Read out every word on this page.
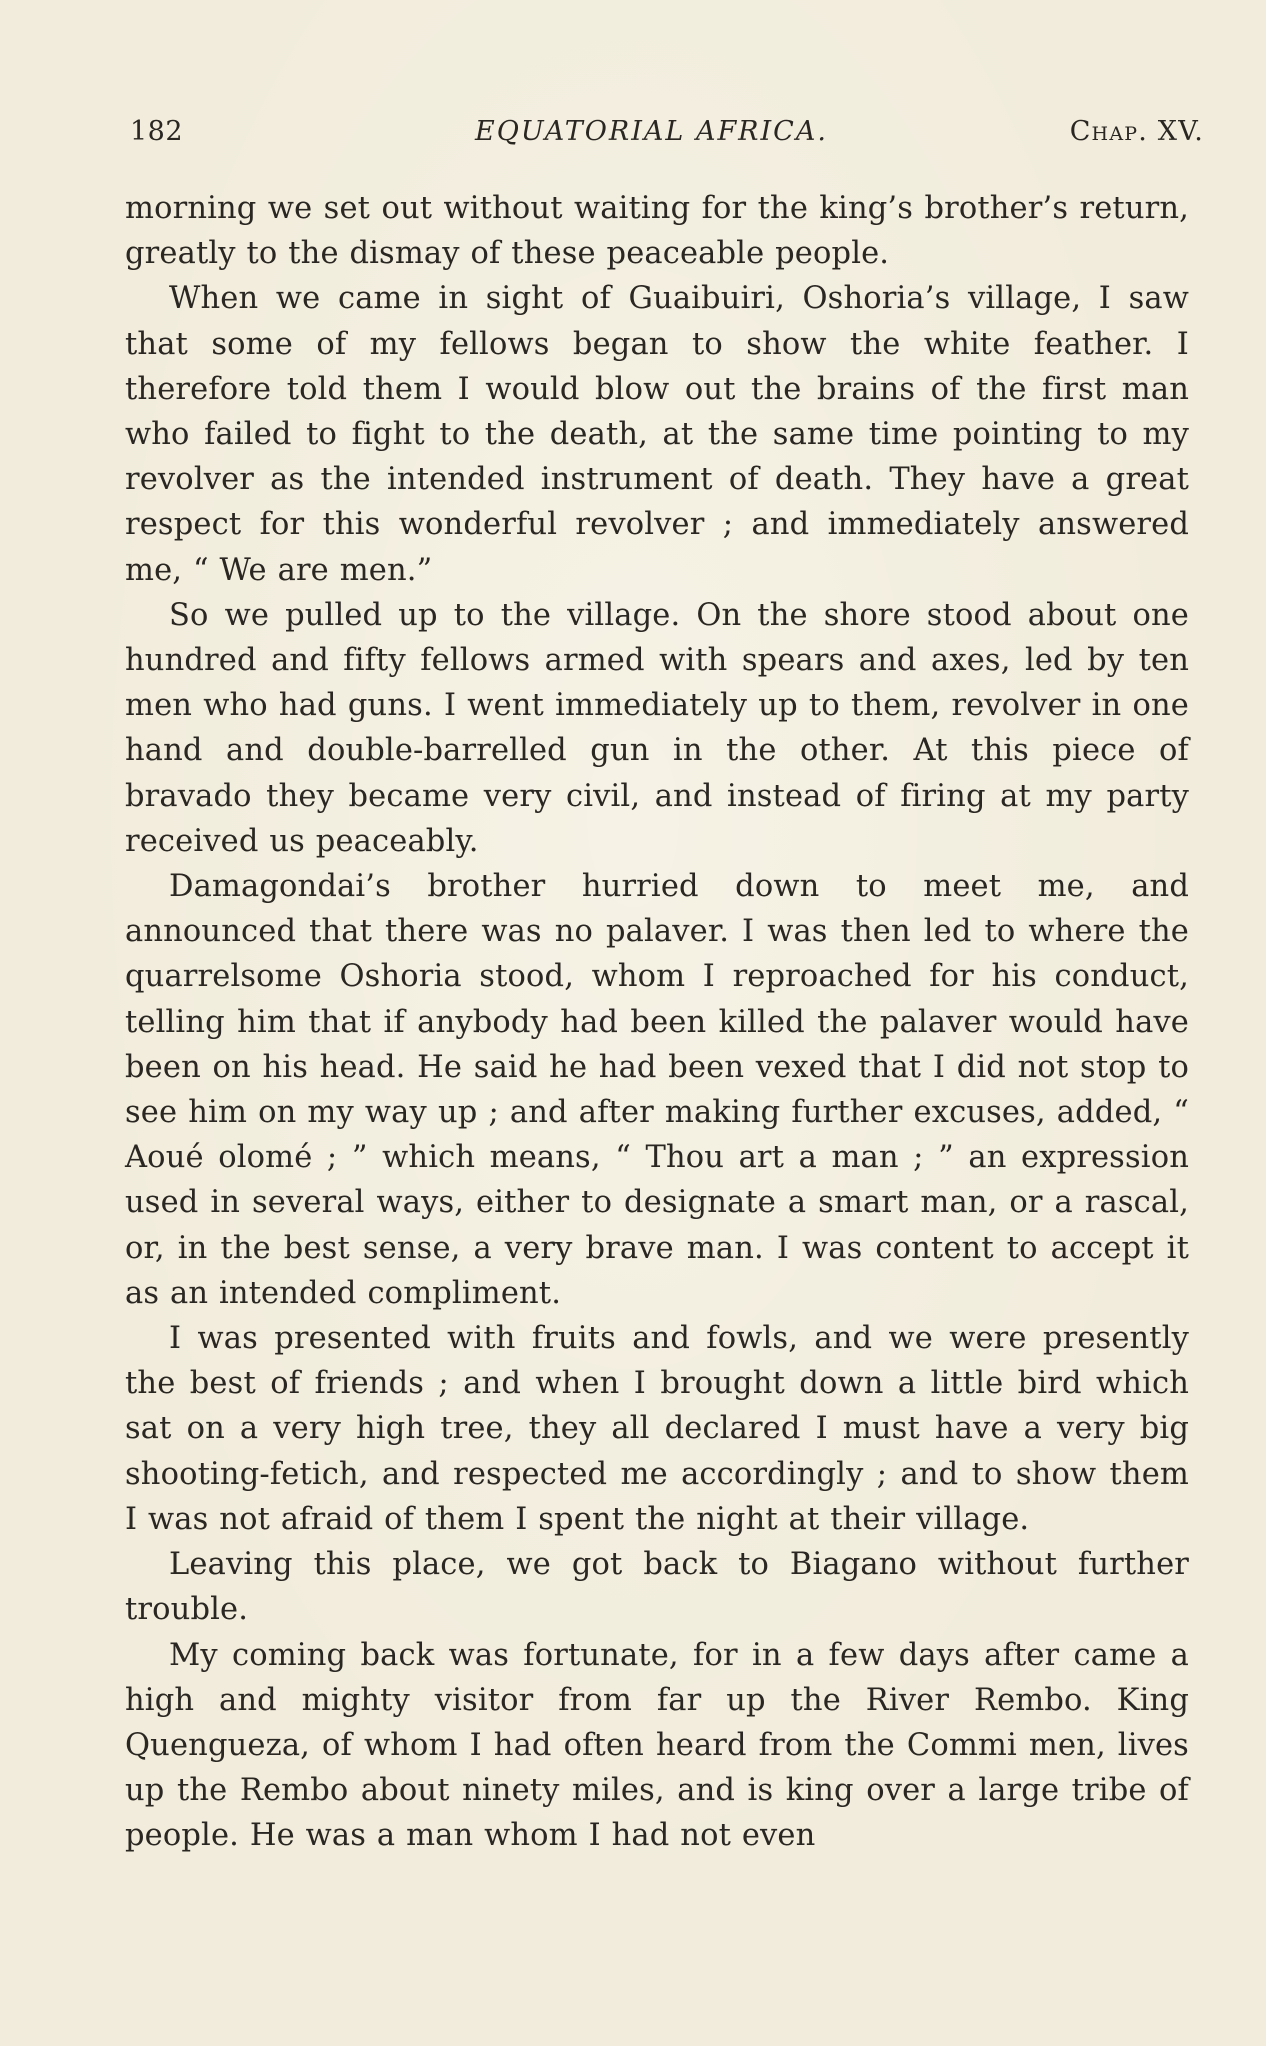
182	EQUATORIAL AFRICA.	Chap. XV.

morning we set out without waiting for the king’s brother’s return, greatly to the dismay of these peaceable people.

When we came in sight of Guaibuiri, Oshoria’s village, I saw that some of my fellows began to show the white feather. I therefore told them I would blow out the brains of the first man who failed to fight to the death, at the same time pointing to my revolver as the intended instrument of death. They have a great respect for this wonderful revolver ; and immediately answered me, “ We are men.”

So we pulled up to the village. On the shore stood about one hundred and fifty fellows armed with spears and axes, led by ten men who had guns. I went immediately up to them, revolver in one hand and double-barrelled gun in the other. At this piece of bravado they became very civil, and instead of firing at my party received us peaceably.

Damagondai’s brother hurried down to meet me, and announced that there was no palaver. I was then led to where the quarrelsome Oshoria stood, whom I reproached for his conduct, telling him that if anybody had been killed the palaver would have been on his head. He said he had been vexed that I did not stop to see him on my way up ; and after making further excuses, added, “ Aoué olomé ; ” which means, “ Thou art a man ; ” an expression used in several ways, either to designate a smart man, or a rascal, or, in the best sense, a very brave man. I was content to accept it as an intended compliment.

I was presented with fruits and fowls, and we were presently the best of friends ; and when I brought down a little bird which sat on a very high tree, they all declared I must have a very big shooting-fetich, and respected me accordingly ; and to show them I was not afraid of them I spent the night at their village.

Leaving this place, we got back to Biagano without further trouble.

My coming back was fortunate, for in a few days after came a high and mighty visitor from far up the River Rembo. King Quengueza, of whom I had often heard from the Commi men, lives up the Rembo about ninety miles, and is king over a large tribe of people. He was a man whom I had not even
